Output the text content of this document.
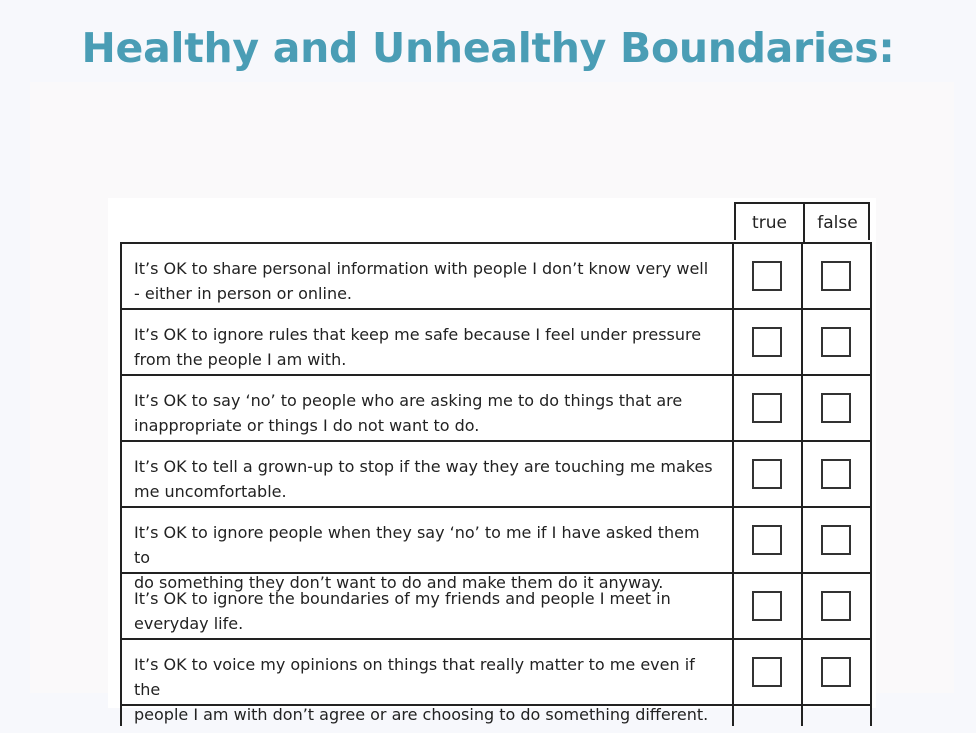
Healthy and Unhealthy Boundaries:
true	false
It’s OK to share personal information with people I don’t know very well
- either in person or online.
It’s OK to ignore rules that keep me safe because I feel under pressure
from the people I am with.
It’s OK to say ‘no’ to people who are asking me to do things that are
inappropriate or things I do not want to do.
It’s OK to tell a grown-up to stop if the way they are touching me makes
me uncomfortable.
It’s OK to ignore people when they say ‘no’ to me if I have asked them to
do something they don’t want to do and make them do it anyway.
It’s OK to ignore the boundaries of my friends and people I meet in
everyday life.
It’s OK to voice my opinions on things that really matter to me even if the
people I am with don’t agree or are choosing to do something different.
